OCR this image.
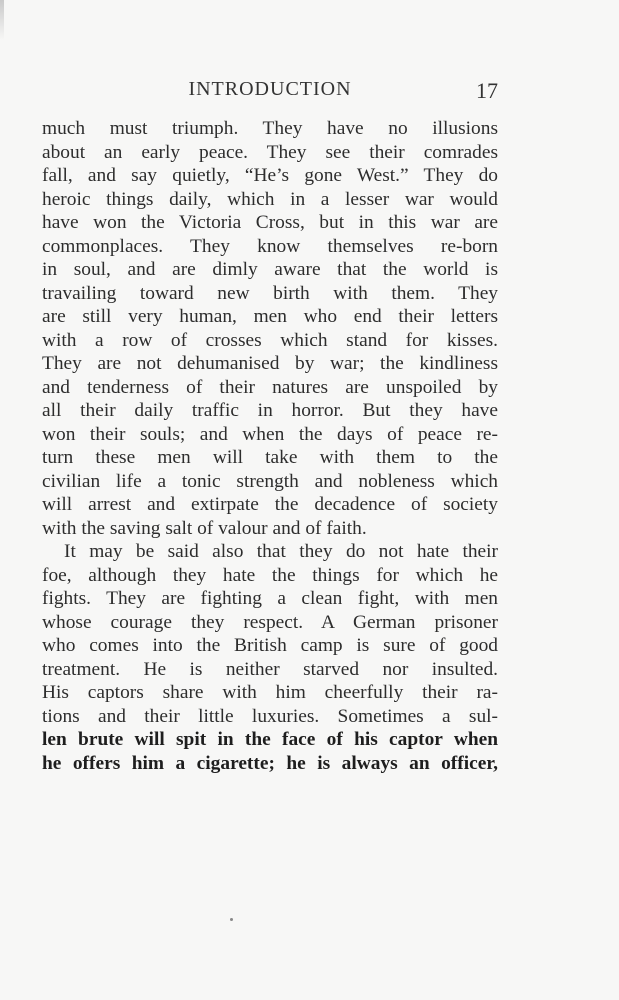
INTRODUCTION	17
much must triumph. They have no illusions
about an early peace. They see their comrades
fall, and say quietly, “He’s gone West.” They do
heroic things daily, which in a lesser war would
have won the Victoria Cross, but in this war are
commonplaces. They know themselves re-born
in soul, and are dimly aware that the world is
travailing toward new birth with them. They
are still very human, men who end their letters
with a row of crosses which stand for kisses.
They are not dehumanised by war; the kindliness
and tenderness of their natures are unspoiled by
all their daily traffic in horror. But they have
won their souls; and when the days of peace re-
turn these men will take with them to the
civilian life a tonic strength and nobleness which
will arrest and extirpate the decadence of society
with the saving salt of valour and of faith.
It may be said also that they do not hate their
foe, although they hate the things for which he
fights. They are fighting a clean fight, with men
whose courage they respect. A German prisoner
who comes into the British camp is sure of good
treatment. He is neither starved nor insulted.
His captors share with him cheerfully their ra-
tions and their little luxuries. Sometimes a sul-
len brute will spit in the face of his captor when
he offers him a cigarette; he is always an officer,
